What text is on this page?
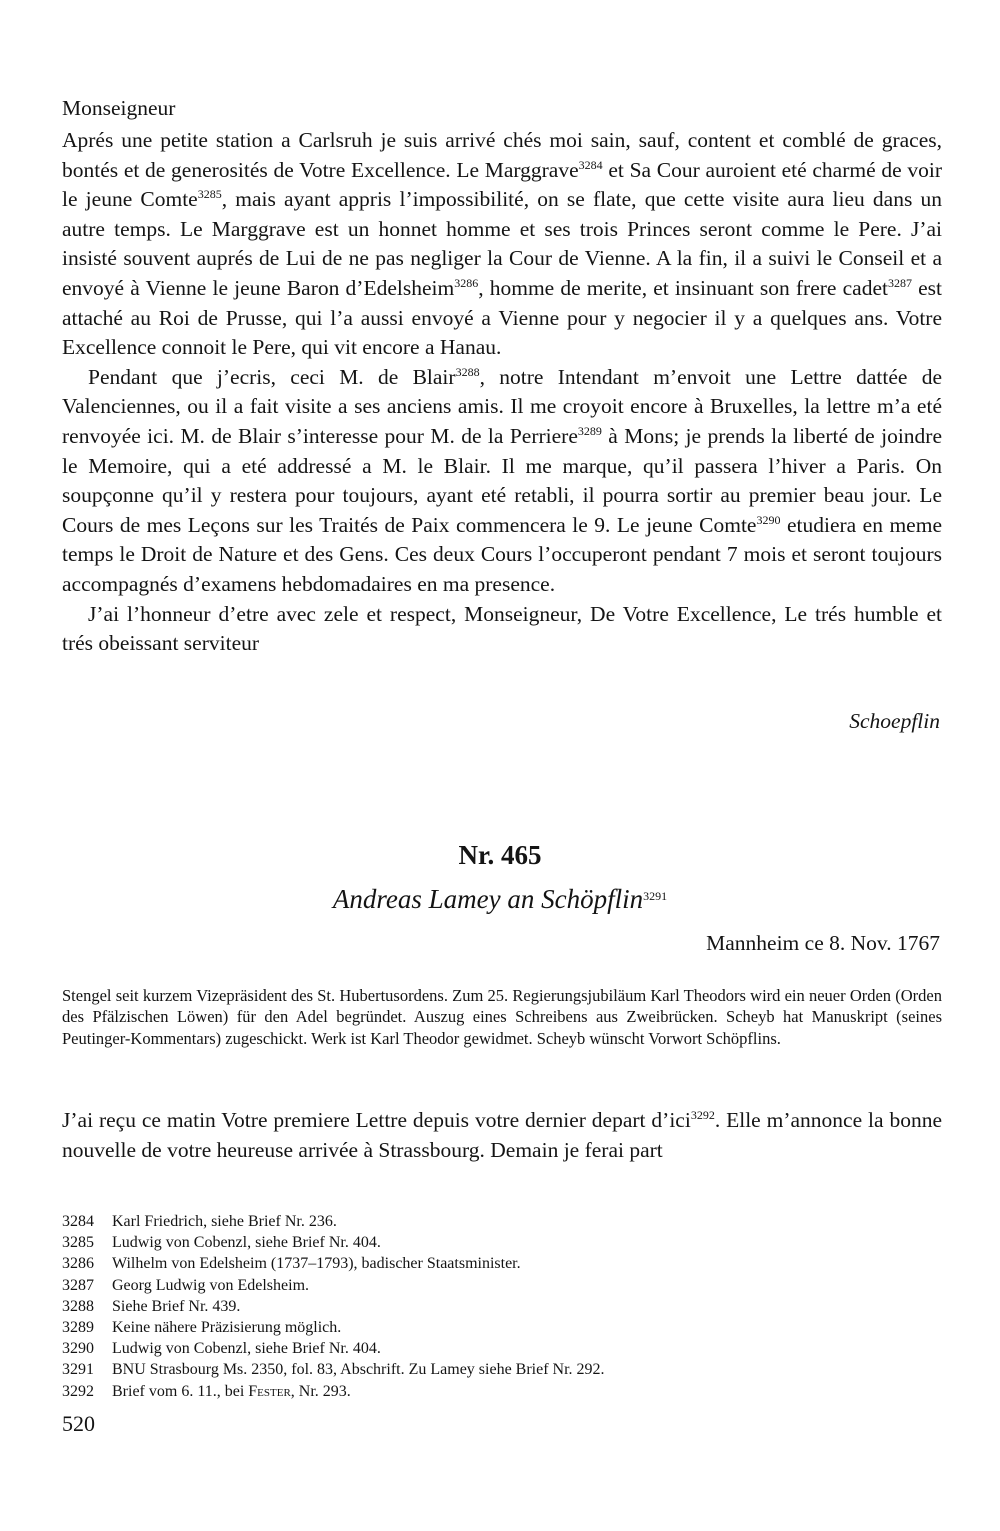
Monseigneur

Aprés une petite station a Carlsruh je suis arrivé chés moi sain, sauf, content et comblé de graces, bontés et de generosités de Votre Excellence. Le Marggrave$^{3284}$ et Sa Cour auroient eté charmé de voir le jeune Comte$^{3285}$, mais ayant appris l’impossibilité, on se flate, que cette visite aura lieu dans un autre temps. Le Marggrave est un honnet homme et ses trois Princes seront comme le Pere. J’ai insisté souvent auprés de Lui de ne pas negliger la Cour de Vienne. A la fin, il a suivi le Conseil et a envoyé à Vienne le jeune Baron d’Edelsheim$^{3286}$, homme de merite, et insinuant son frere cadet$^{3287}$ est attaché au Roi de Prusse, qui l’a aussi envoyé a Vienne pour y negocier il y a quelques ans. Votre Excellence connoit le Pere, qui vit encore a Hanau.

Pendant que j’ecris, ceci M. de Blair$^{3288}$, notre Intendant m’envoit une Lettre dattée de Valenciennes, ou il a fait visite a ses anciens amis. Il me croyoit encore à Bruxelles, la lettre m’a eté renvoyée ici. M. de Blair s’interesse pour M. de la Perriere$^{3289}$ à Mons; je prends la liberté de joindre le Memoire, qui a eté addressé a M. le Blair. Il me marque, qu’il passera l’hiver a Paris. On soupçonne qu’il y restera pour toujours, ayant eté retabli, il pourra sortir au premier beau jour. Le Cours de mes Leçons sur les Traités de Paix commencera le 9. Le jeune Comte$^{3290}$ etudiera en meme temps le Droit de Nature et des Gens. Ces deux Cours l’occuperont pendant 7 mois et seront toujours accompagnés d’examens hebdomadaires en ma presence.

J’ai l’honneur d’etre avec zele et respect, Monseigneur, De Votre Excellence, Le trés humble et trés obeissant serviteur

Schoepflin
Nr. 465
Andreas Lamey an Schöpflin$^{3291}$
Mannheim ce 8. Nov. 1767
Stengel seit kurzem Vizepräsident des St. Hubertusordens. Zum 25. Regierungsjubiläum Karl Theodors wird ein neuer Orden (Orden des Pfälzischen Löwen) für den Adel begründet. Auszug eines Schreibens aus Zweibrücken. Scheyb hat Manuskript (seines Peutinger-Kommentars) zugeschickt. Werk ist Karl Theodor gewidmet. Scheyb wünscht Vorwort Schöpflins.

J’ai reçu ce matin Votre premiere Lettre depuis votre dernier depart d’ici$^{3292}$. Elle m’annonce la bonne nouvelle de votre heureuse arrivée à Strassbourg. Demain je ferai part

3284	Karl Friedrich, siehe Brief Nr. 236.
3285	Ludwig von Cobenzl, siehe Brief Nr. 404.
3286	Wilhelm von Edelsheim (1737–1793), badischer Staatsminister.
3287	Georg Ludwig von Edelsheim.
3288	Siehe Brief Nr. 439.
3289	Keine nähere Präzisierung möglich.
3290	Ludwig von Cobenzl, siehe Brief Nr. 404.
3291	BNU Strasbourg Ms. 2350, fol. 83, Abschrift. Zu Lamey siehe Brief Nr. 292.
3292	Brief vom 6. 11., bei Fester, Nr. 293.
520
